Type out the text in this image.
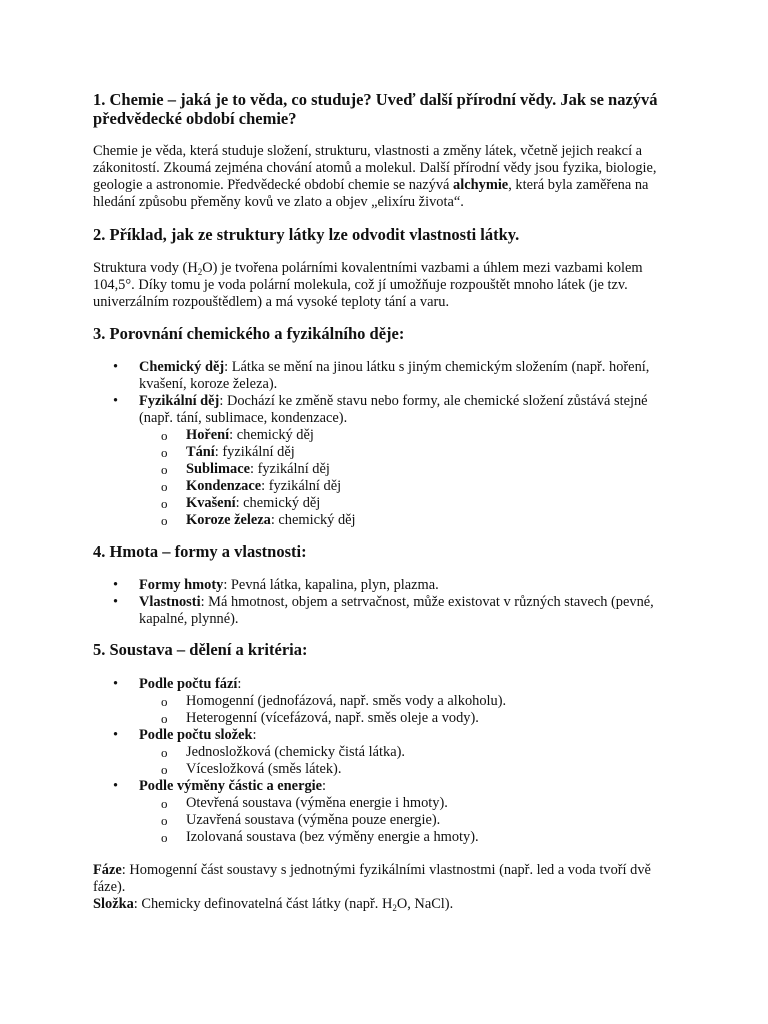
1. Chemie – jaká je to věda, co studuje? Uveď další přírodní vědy. Jak se nazývá předvědecké období chemie?

Chemie je věda, která studuje složení, strukturu, vlastnosti a změny látek, včetně jejich reakcí a zákonitostí. Zkoumá zejména chování atomů a molekul. Další přírodní vědy jsou fyzika, biologie, geologie a astronomie. Předvědecké období chemie se nazývá alchymie, která byla zaměřena na hledání způsobu přeměny kovů ve zlato a objev „elixíru života“.

2. Příklad, jak ze struktury látky lze odvodit vlastnosti látky.

Struktura vody $(H_2O)$ je tvořena polárními kovalentními vazbami a úhlem mezi vazbami kolem 104,5°. Díky tomu je voda polární molekula, což jí umožňuje rozpouštět mnoho látek (je tzv. univerzálním rozpouštědlem) a má vysoké teploty tání a varu.

3. Porovnání chemického a fyzikálního děje:
• Chemický děj: Látka se mění na jinou látku s jiným chemickým složením (např. hoření, kvašení, koroze železa).
• Fyzikální děj: Dochází ke změně stavu nebo formy, ale chemické složení zůstává stejné (např. tání, sublimace, kondenzace).
o Hoření: chemický děj
o Tání: fyzikální děj
o Sublimace: fyzikální děj
o Kondenzace: fyzikální děj
o Kvašení: chemický děj
o Koroze železa: chemický děj
4. Hmota – formy a vlastnosti:
• Formy hmoty: Pevná látka, kapalina, plyn, plazma.
• Vlastnosti: Má hmotnost, objem a setrvačnost, může existovat v různých stavech (pevné, kapalné, plynné).
5. Soustava – dělení a kritéria:
• Podle počtu fází:
o Homogenní (jednofázová, např. směs vody a alkoholu).
o Heterogenní (vícefázová, např. směs oleje a vody).
• Podle počtu složek:
o Jednosložková (chemicky čistá látka).
o Vícesložková (směs látek).
• Podle výměny částic a energie:
o Otevřená soustava (výměna energie i hmoty).
o Uzavřená soustava (výměna pouze energie).
o Izolovaná soustava (bez výměny energie a hmoty).

Fáze: Homogenní část soustavy s jednotnými fyzikálními vlastnostmi (např. led a voda tvoří dvě fáze).

Složka: Chemicky definovatelná část látky (např. $H_2O$, NaCl).
